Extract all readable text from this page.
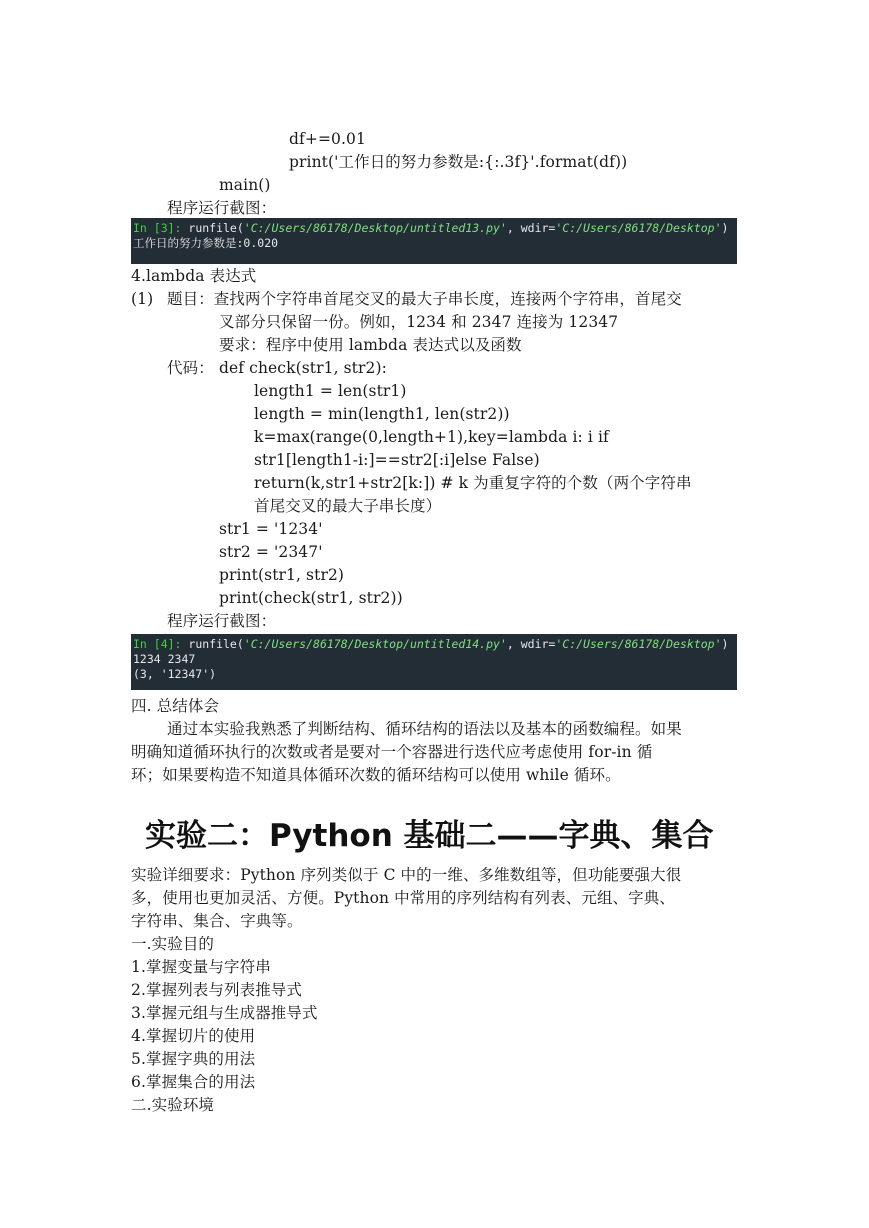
df+=0.01
print('工作日的努力参数是:{:.3f}'.format(df))
main()
程序运行截图：
In [3]: runfile('C:/Users/86178/Desktop/untitled13.py', wdir='C:/Users/86178/Desktop')
工作日的努力参数是:0.020
4.lambda 表达式
(1) 题目：查找两个字符串首尾交叉的最大子串长度，连接两个字符串，首尾交
叉部分只保留一份。例如，1234 和 2347 连接为 12347
要求：程序中使用 lambda 表达式以及函数
代码： def check(str1, str2):
length1 = len(str1)
length = min(length1, len(str2))
k=max(range(0,length+1),key=lambda i: i if
str1[length1-i:]==str2[:i]else False)
return(k,str1+str2[k:]) # k 为重复字符的个数（两个字符串
首尾交叉的最大子串长度）
str1 = '1234'
str2 = '2347'
print(str1, str2)
print(check(str1, str2))
程序运行截图：
In [4]: runfile('C:/Users/86178/Desktop/untitled14.py', wdir='C:/Users/86178/Desktop')
1234 2347
(3, '12347')
四. 总结体会
通过本实验我熟悉了判断结构、循环结构的语法以及基本的函数编程。如果
明确知道循环执行的次数或者是要对一个容器进行迭代应考虑使用 for-in 循
环；如果要构造不知道具体循环次数的循环结构可以使用 while 循环。
实验二：Python 基础二——字典、集合
实验详细要求：Python 序列类似于 C 中的一维、多维数组等，但功能要强大很
多，使用也更加灵活、方便。Python 中常用的序列结构有列表、元组、字典、
字符串、集合、字典等。
一.实验目的
1.掌握变量与字符串
2.掌握列表与列表推导式
3.掌握元组与生成器推导式
4.掌握切片的使用
5.掌握字典的用法
6.掌握集合的用法
二.实验环境
